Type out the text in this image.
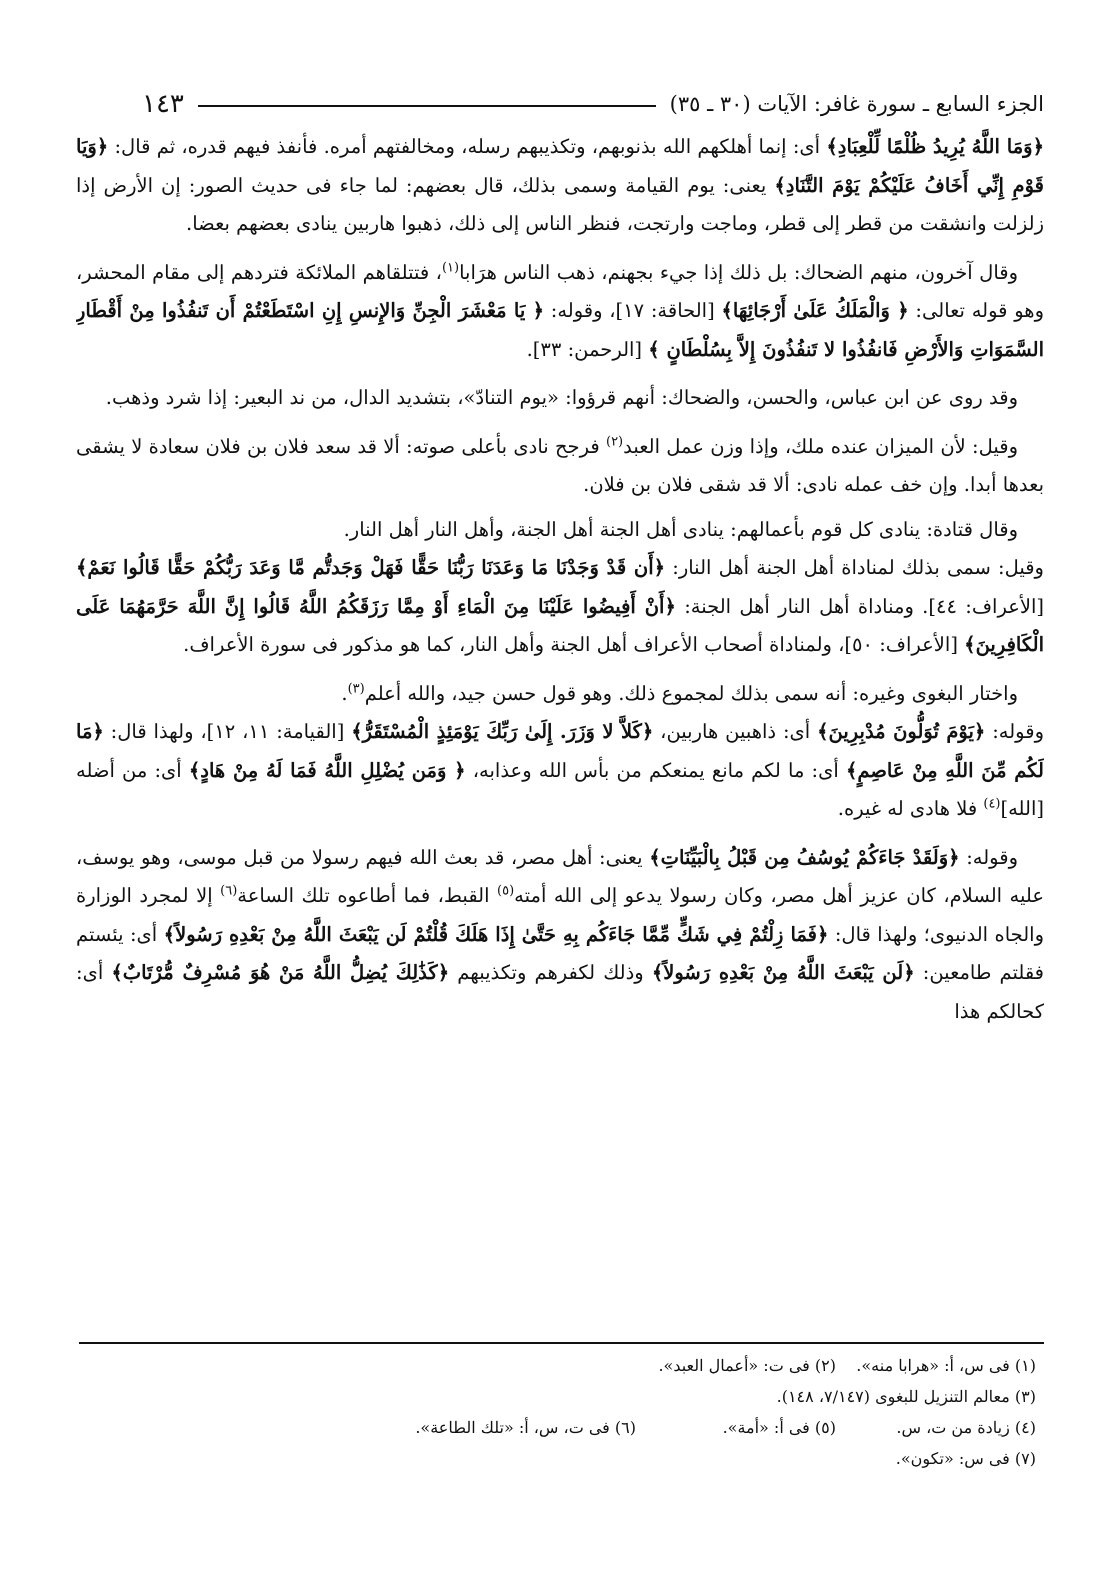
الجزء السابع ـ سورة غافر: الآيات (٣٠ ـ ٣٥)
١٤٣

﴿وَمَا اللَّهُ يُرِيدُ ظُلْمًا لِّلْعِبَادِ﴾ أى: إنما أهلكهم الله بذنوبهم، وتكذيبهم رسله، ومخالفتهم أمره. فأنفذ فيهم قدره، ثم قال: ﴿وَيَا قَوْمِ إِنِّي أَخَافُ عَلَيْكُمْ يَوْمَ التَّنَادِ﴾ يعنى: يوم القيامة وسمى بذلك، قال بعضهم: لما جاء فى حديث الصور: إن الأرض إذا زلزلت وانشقت من قطر إلى قطر، وماجت وارتجت، فنظر الناس إلى ذلك، ذهبوا هاربين ينادى بعضهم بعضا.

وقال آخرون، منهم الضحاك: بل ذلك إذا جيء بجهنم، ذهب الناس هرَابا$^{(١)}$، فتتلقاهم الملائكة فتردهم إلى مقام المحشر، وهو قوله تعالى: ﴿ وَالْمَلَكُ عَلَىٰ أَرْجَائِهَا﴾ [الحاقة: ١٧]، وقوله: ﴿ يَا مَعْشَرَ الْجِنِّ وَالإِنسِ إِنِ اسْتَطَعْتُمْ أَن تَنفُذُوا مِنْ أَقْطَارِ السَّمَوَاتِ وَالأَرْضِ فَانفُذُوا لا تَنفُذُونَ إِلاَّ بِسُلْطَانٍ ﴾ [الرحمن: ٣٣].

وقد روى عن ابن عباس، والحسن، والضحاك: أنهم قرؤوا: «يوم التنادّ»، بتشديد الدال، من ند البعير: إذا شرد وذهب.

وقيل: لأن الميزان عنده ملك، وإذا وزن عمل العبد$^{(٢)}$ فرجح نادى بأعلى صوته: ألا قد سعد فلان بن فلان سعادة لا يشقى بعدها أبدا. وإن خف عمله نادى: ألا قد شقى فلان بن فلان.

وقال قتادة: ينادى كل قوم بأعمالهم: ينادى أهل الجنة أهل الجنة، وأهل النار أهل النار.

وقيل: سمى بذلك لمناداة أهل الجنة أهل النار: ﴿أَن قَدْ وَجَدْنَا مَا وَعَدَنَا رَبُّنَا حَقًّا فَهَلْ وَجَدتُّم مَّا وَعَدَ رَبُّكُمْ حَقًّا قَالُوا نَعَمْ﴾ [الأعراف: ٤٤]. ومناداة أهل النار أهل الجنة: ﴿أَنْ أَفِيضُوا عَلَيْنَا مِنَ الْمَاءِ أَوْ مِمَّا رَزَقَكُمُ اللَّهُ قَالُوا إِنَّ اللَّهَ حَرَّمَهُمَا عَلَى الْكَافِرِينَ﴾ [الأعراف: ٥٠]، ولمناداة أصحاب الأعراف أهل الجنة وأهل النار، كما هو مذكور فى سورة الأعراف.

واختار البغوى وغيره: أنه سمى بذلك لمجموع ذلك. وهو قول حسن جيد، والله أعلم$^{(٣)}$.

وقوله: ﴿يَوْمَ تُوَلُّونَ مُدْبِرِينَ﴾ أى: ذاهبين هاربين، ﴿كَلاَّ لا وَزَرَ. إِلَىٰ رَبِّكَ يَوْمَئِذٍ الْمُسْتَقَرُّ﴾ [القيامة: ١١، ١٢]، ولهذا قال: ﴿مَا لَكُم مِّنَ اللَّهِ مِنْ عَاصِمٍ﴾ أى: ما لكم مانع يمنعكم من بأس الله وعذابه، ﴿ وَمَن يُضْلِلِ اللَّهُ فَمَا لَهُ مِنْ هَادٍ﴾ أى: من أضله [الله]$^{(٤)}$ فلا هادى له غيره.

وقوله: ﴿وَلَقَدْ جَاءَكُمْ يُوسُفُ مِن قَبْلُ بِالْبَيِّنَاتِ﴾ يعنى: أهل مصر، قد بعث الله فيهم رسولا من قبل موسى، وهو يوسف، عليه السلام، كان عزيز أهل مصر، وكان رسولا يدعو إلى الله أمته$^{(٥)}$ القبط، فما أطاعوه تلك الساعة$^{(٦)}$ إلا لمجرد الوزارة والجاه الدنيوى؛ ولهذا قال: ﴿فَمَا زِلْتُمْ فِي شَكٍّ مِّمَّا جَاءَكُم بِهِ حَتَّىٰ إِذَا هَلَكَ قُلْتُمْ لَن يَبْعَثَ اللَّهُ مِنْ بَعْدِهِ رَسُولاً﴾ أى: يئستم فقلتم طامعين: ﴿لَن يَبْعَثَ اللَّهُ مِنْ بَعْدِهِ رَسُولاً﴾ وذلك لكفرهم وتكذيبهم ﴿كَذَٰلِكَ يُضِلُّ اللَّهُ مَنْ هُوَ مُسْرِفٌ مُّرْتَابٌ﴾ أى: كحالكم هذا

(١) فى س، أ: «هرابا منه».
(٢) فى ت: «أعمال العبد».
(٣) معالم التنزيل للبغوى (٧/١٤٧، ١٤٨).
(٤) زيادة من ت، س.
(٥) فى أ: «أمة».
(٦) فى ت، س، أ: «تلك الطاعة».
(٧) فى س: «تكون».
